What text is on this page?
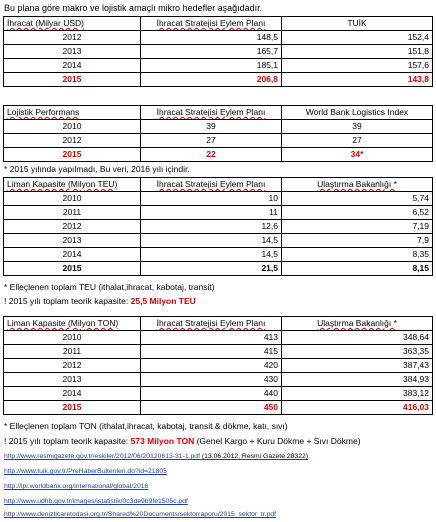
Bu plana göre makro ve lojistik amaçlı mikro hedefler aşağıdadır.
İhracat (Milyar USD)	İhracat Stratejisi Eylem Planı	TUİK
2012	148,5	152,4
2013	165,7	151,8
2014	185,1	157,6
2015	206,8	143,8
Lojistik Performans	İhracat Stratejisi Eylem Planı	World Bank Logistics Index
2010	39	39
2012	27	27
2015	22	34*
* 2015 yılında yapılmadı, Bu veri, 2016 yılı içindir.
Liman Kapasite (Milyon TEU)	İhracat Stratejisi Eylem Planı	Ulaştırma Bakanlığı *
2010	10	5,74
2011	11	6,52
2012	12,6	7,19
2013	14,5	7,9
2014	14,5	8,35
2015	21,5	8,15
* Elleçlenen toplam TEU (ithalat,ihracat, kabotaj, transit)
! 2015 yılı toplam teorik kapasite: 25,5 Milyon TEU
Liman Kapasite (Milyon TON)	İhracat Stratejisi Eylem Planı	Ulaştırma Bakanlığı *
2010	413	348,64
2011	415	363,35
2012	420	387,43
2013	430	384,93
2014	440	383,12
2015	450	416,03
* Elleçlenen toplam TON (ithalat,ihracat, kabotaj, transit & dökme, katı, sıvı)
! 2015 yılı toplam teorik kapasite: 573 Milyon TON (Genel Kargo + Kuru Dökme + Sıvı Dökme)
http://www.resmigazete.gov.tr/eskiler/2012/06/20120613-31-1.pdf (13.06.2012, Resmi Gazete 28322)
http://www.tuik.gov.tr/PreHaberBultenleri.do?id=21805
http://lpi.worldbank.org/international/global/2016
http://www.udhb.gov.tr/images/istatistik/0c3de9b9fe1505c.pdf
http://www.denizticaretodasi.org.tr/Shared%20Documents/sektorraporu/2015_sektor_tr.pdf
